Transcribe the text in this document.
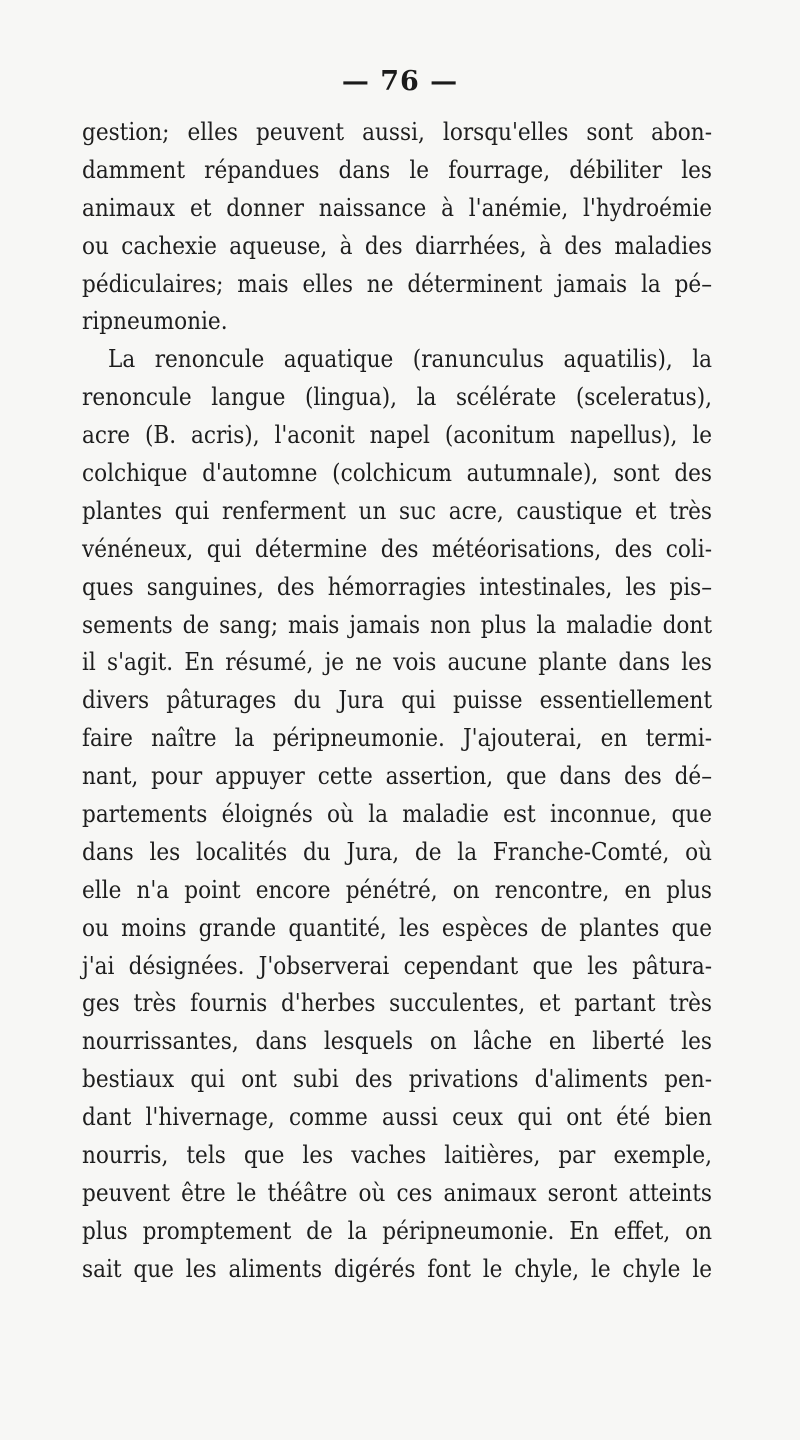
— 76 —
gestion; elles peuvent aussi, lorsqu'elles sont abon-
damment répandues dans le fourrage, débiliter les
animaux et donner naissance à l'anémie, l'hydroémie
ou cachexie aqueuse, à des diarrhées, à des maladies
pédiculaires; mais elles ne déterminent jamais la pé–
ripneumonie.
La renoncule aquatique (ranunculus aquatilis), la
renoncule langue (lingua), la scélérate (sceleratus),
acre (B. acris), l'aconit napel (aconitum napellus), le
colchique d'automne (colchicum autumnale), sont des
plantes qui renferment un suc acre, caustique et très
vénéneux, qui détermine des météorisations, des coli-
ques sanguines, des hémorragies intestinales, les pis–
sements de sang; mais jamais non plus la maladie dont
il s'agit. En résumé, je ne vois aucune plante dans les
divers pâturages du Jura qui puisse essentiellement
faire naître la péripneumonie. J'ajouterai, en termi-
nant, pour appuyer cette assertion, que dans des dé–
partements éloignés où la maladie est inconnue, que
dans les localités du Jura, de la Franche-Comté, où
elle n'a point encore pénétré, on rencontre, en plus
ou moins grande quantité, les espèces de plantes que
j'ai désignées. J'observerai cependant que les pâtura-
ges très fournis d'herbes succulentes, et partant très
nourrissantes, dans lesquels on lâche en liberté les
bestiaux qui ont subi des privations d'aliments pen-
dant l'hivernage, comme aussi ceux qui ont été bien
nourris, tels que les vaches laitières, par exemple,
peuvent être le théâtre où ces animaux seront atteints
plus promptement de la péripneumonie. En effet, on
sait que les aliments digérés font le chyle, le chyle le
